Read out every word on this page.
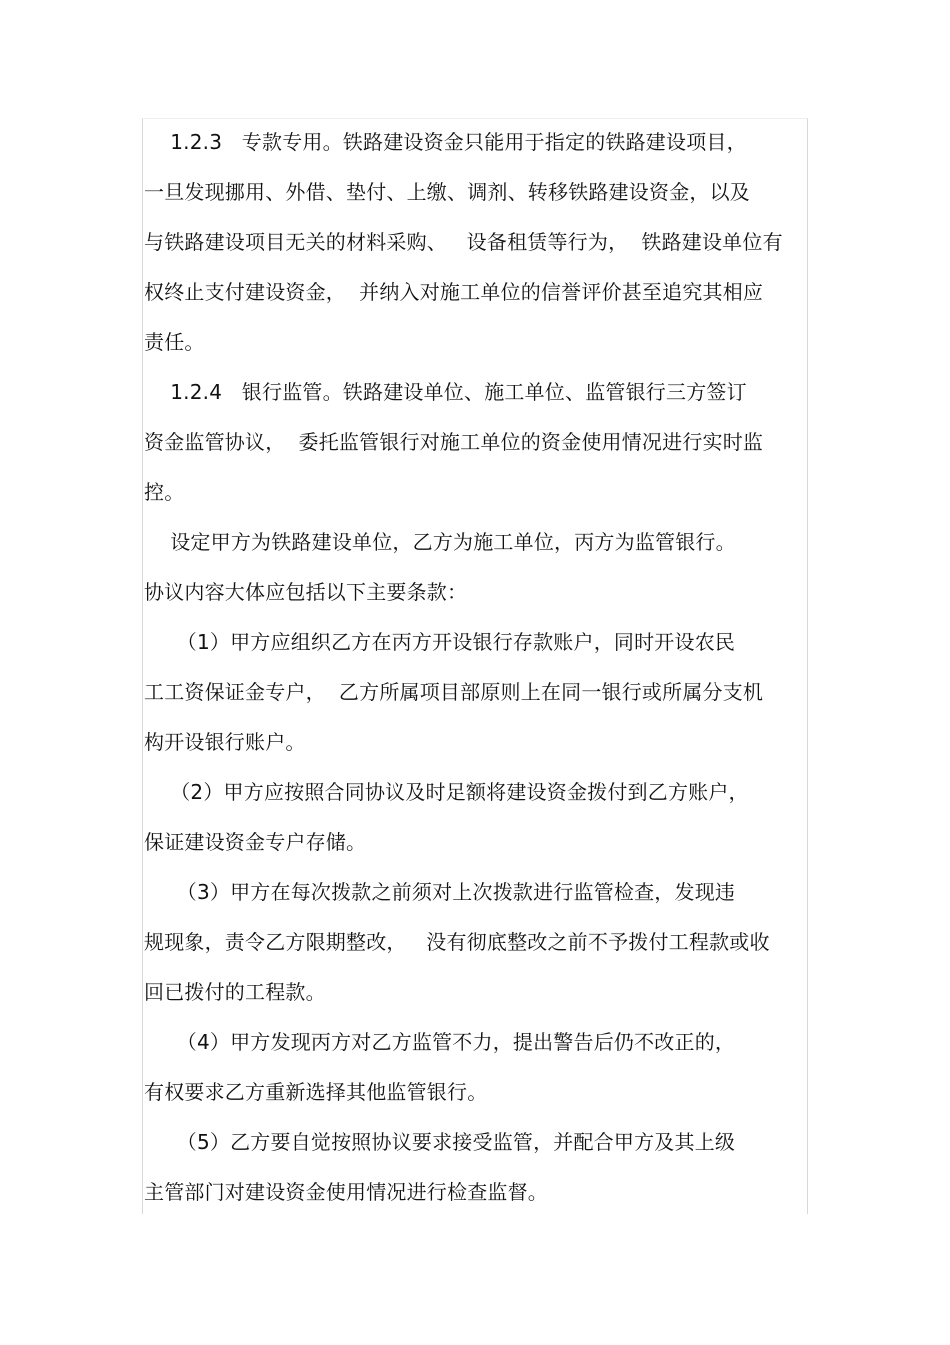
1.2.3   专款专用。铁路建设资金只能用于指定的铁路建设项目，
一旦发现挪用、外借、垫付、上缴、调剂、转移铁路建设资金，以及
与铁路建设项目无关的材料采购、   设备租赁等行为，  铁路建设单位有
权终止支付建设资金，  并纳入对施工单位的信誉评价甚至追究其相应
责任。
1.2.4   银行监管。铁路建设单位、施工单位、监管银行三方签订
资金监管协议，  委托监管银行对施工单位的资金使用情况进行实时监
控。
设定甲方为铁路建设单位，乙方为施工单位，丙方为监管银行。
协议内容大体应包括以下主要条款：
（1）甲方应组织乙方在丙方开设银行存款账户，同时开设农民
工工资保证金专户，  乙方所属项目部原则上在同一银行或所属分支机
构开设银行账户。
（2）甲方应按照合同协议及时足额将建设资金拨付到乙方账户，
保证建设资金专户存储。
（3）甲方在每次拨款之前须对上次拨款进行监管检查，发现违
规现象，责令乙方限期整改，   没有彻底整改之前不予拨付工程款或收
回已拨付的工程款。
（4）甲方发现丙方对乙方监管不力，提出警告后仍不改正的，
有权要求乙方重新选择其他监管银行。
（5）乙方要自觉按照协议要求接受监管，并配合甲方及其上级
主管部门对建设资金使用情况进行检查监督。
